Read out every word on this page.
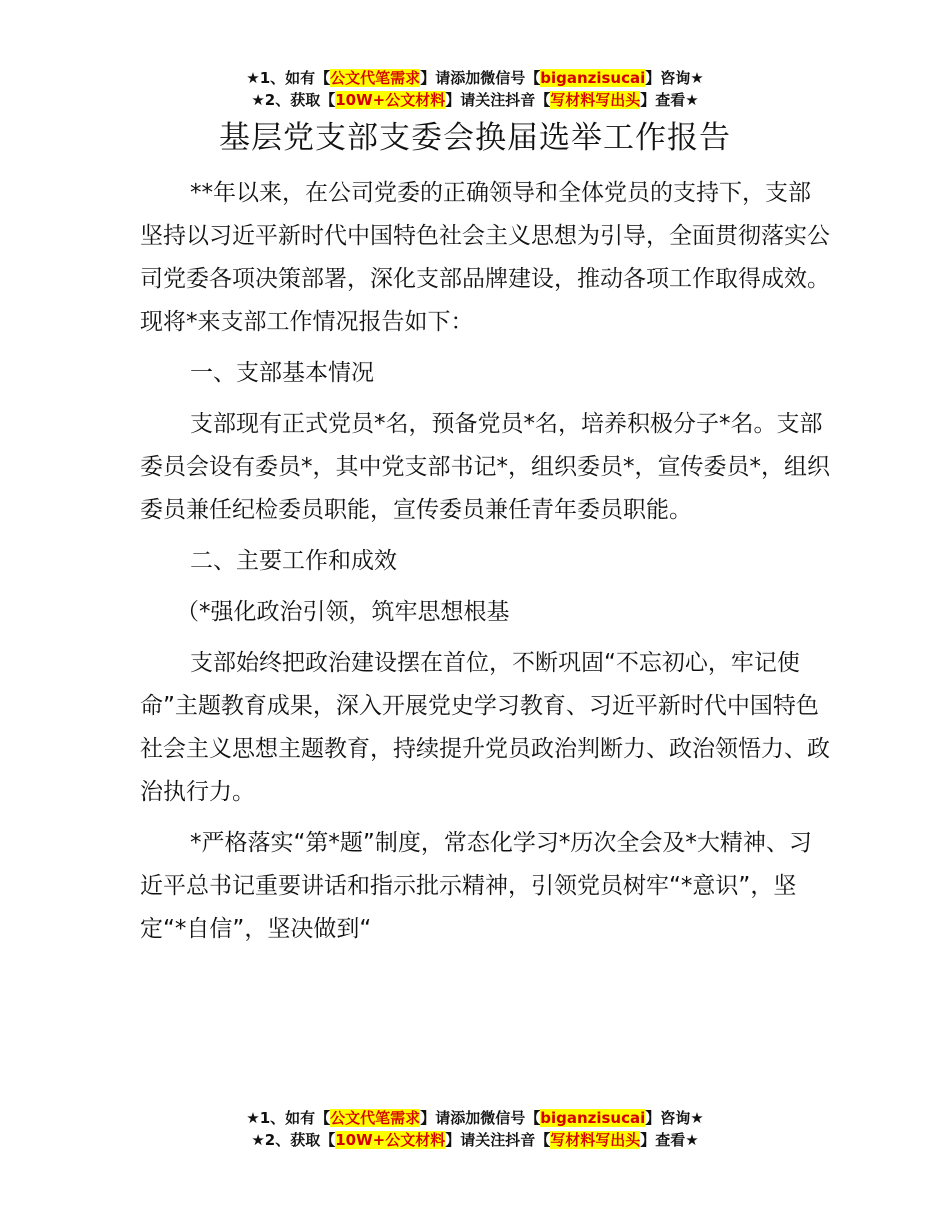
★1、如有【公文代笔需求】请添加微信号【biganzisucai】咨询★
★2、获取【10W+公文材料】请关注抖音【写材料写出头】查看★
基层党支部支委会换届选举工作报告

**年以来，在公司党委的正确领导和全体党员的支持下，支部坚持以习近平新时代中国特色社会主义思想为引导，全面贯彻落实公司党委各项决策部署，深化支部品牌建设，推动各项工作取得成效。现将*来支部工作情况报告如下：

一、支部基本情况

支部现有正式党员*名，预备党员*名，培养积极分子*名。支部委员会设有委员*，其中党支部书记*，组织委员*，宣传委员*，组织委员兼任纪检委员职能，宣传委员兼任青年委员职能。

二、主要工作和成效

（*强化政治引领，筑牢思想根基

支部始终把政治建设摆在首位，不断巩固“不忘初心，牢记使命”主题教育成果，深入开展党史学习教育、习近平新时代中国特色社会主义思想主题教育，持续提升党员政治判断力、政治领悟力、政治执行力。

*严格落实“第*题”制度，常态化学习*历次全会及*大精神、习近平总书记重要讲话和指示批示精神，引领党员树牢“*意识”，坚定“*自信”，坚决做到“

★1、如有【公文代笔需求】请添加微信号【biganzisucai】咨询★
★2、获取【10W+公文材料】请关注抖音【写材料写出头】查看★
